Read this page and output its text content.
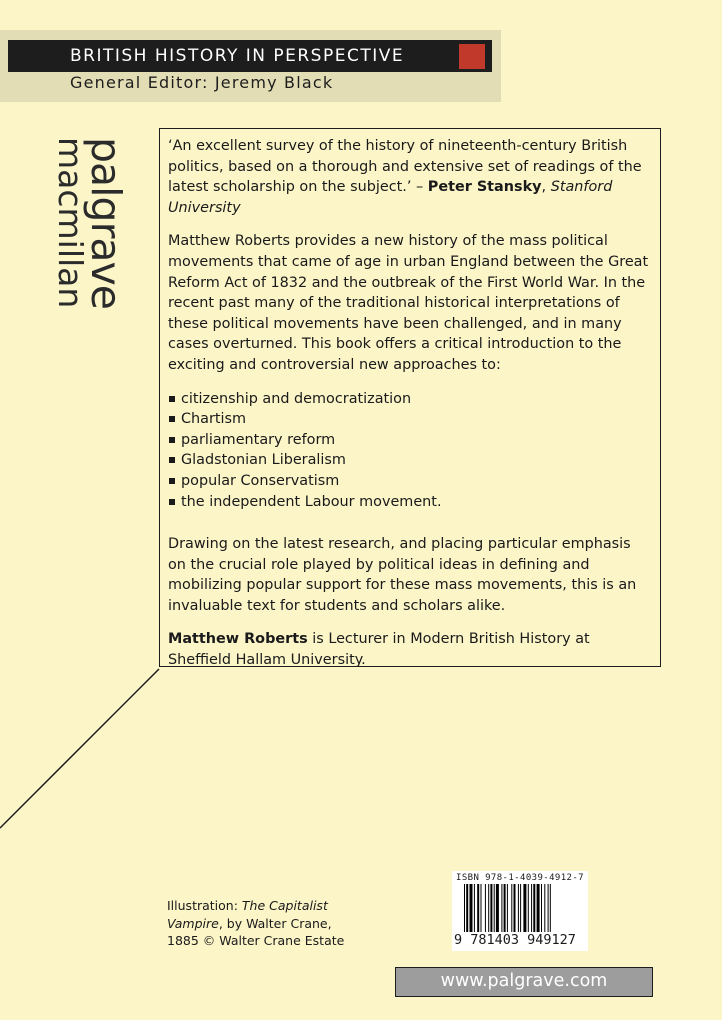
BRITISH HISTORY IN PERSPECTIVE
General Editor: Jeremy Black
palgrave
macmillan	‘An excellent survey of the history of nineteenth-century British politics, based on a thorough and extensive set of readings of the latest scholarship on the subject.’ – Peter Stansky, Stanford University

Matthew Roberts provides a new history of the mass political movements that came of age in urban England between the Great Reform Act of 1832 and the outbreak of the First World War. In the recent past many of the traditional historical interpretations of these political movements have been challenged, and in many cases overturned. This book offers a critical introduction to the exciting and controversial new approaches to:

citizenship and democratization
Chartism
parliamentary reform
Gladstonian Liberalism
popular Conservatism
the independent Labour movement.

Drawing on the latest research, and placing particular emphasis on the crucial role played by political ideas in defining and mobilizing popular support for these mass movements, this is an invaluable text for students and scholars alike.

Matthew Roberts is Lecturer in Modern British History at Sheffield Hallam University.

Illustration: The Capitalist Vampire, by Walter Crane, 1885 © Walter Crane Estate
ISBN 978-1-4039-4912-7
9 781403 949127
www.palgrave.com
